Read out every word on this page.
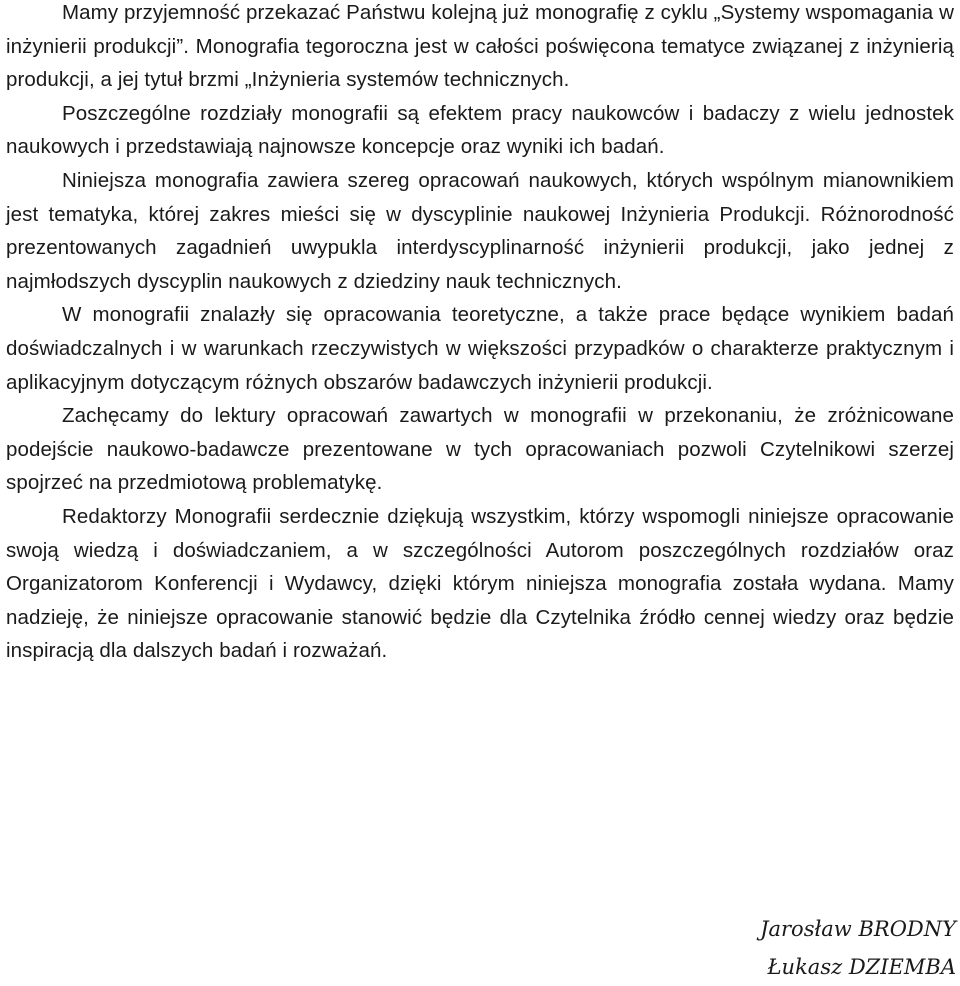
Mamy przyjemność przekazać Państwu kolejną już monografię z cyklu „Systemy wspomagania w inżynierii produkcji”. Monografia tegoroczna jest w całości poświęcona tematyce związanej z inżynierią produkcji, a jej tytuł brzmi „Inżynieria systemów technicznych.

Poszczególne rozdziały monografii są efektem pracy naukowców i badaczy z wielu jednostek naukowych i przedstawiają najnowsze koncepcje oraz wyniki ich badań.

Niniejsza monografia zawiera szereg opracowań naukowych, których wspólnym mianownikiem jest tematyka, której zakres mieści się w dyscyplinie naukowej Inżynieria Produkcji. Różnorodność prezentowanych zagadnień uwypukla interdyscyplinarność inżynierii produkcji, jako jednej z najmłodszych dyscyplin naukowych z dziedziny nauk technicznych.

W monografii znalazły się opracowania teoretyczne, a także prace będące wynikiem badań doświadczalnych i w warunkach rzeczywistych w większości przypadków o charakterze praktycznym i aplikacyjnym dotyczącym różnych obszarów badawczych inżynierii produkcji.

Zachęcamy do lektury opracowań zawartych w monografii w przekonaniu, że zróżnicowane podejście naukowo-badawcze prezentowane w tych opracowaniach pozwoli Czytelnikowi szerzej spojrzeć na przedmiotową problematykę.

Redaktorzy Monografii serdecznie dziękują wszystkim, którzy wspomogli niniejsze opracowanie swoją wiedzą i doświadczaniem, a w szczególności Autorom poszczególnych rozdziałów oraz Organizatorom Konferencji i Wydawcy, dzięki którym niniejsza monografia została wydana. Mamy nadzieję, że niniejsze opracowanie stanowić będzie dla Czytelnika źródło cennej wiedzy oraz będzie inspiracją dla dalszych badań i rozważań.

Jarosław BRODNY
Łukasz DZIEMBA
